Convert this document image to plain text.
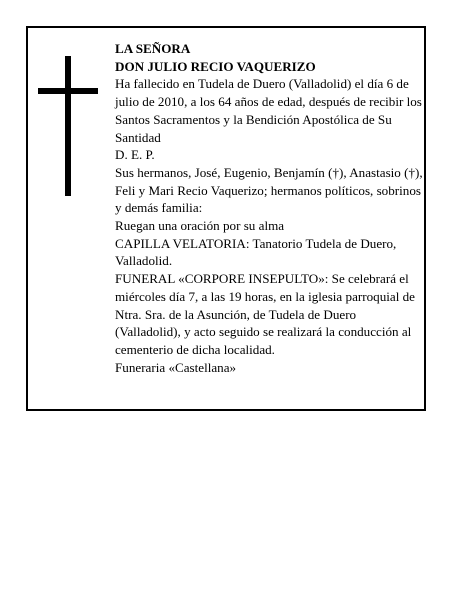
LA SEÑORA

DON JULIO RECIO VAQUERIZO

Ha fallecido en Tudela de Duero (Valladolid) el día 6 de julio de 2010, a los 64 años de edad, después de recibir los Santos Sacramentos y la Bendición Apostólica de Su Santidad

D. E. P.

Sus hermanos, José, Eugenio, Benjamín (†), Anastasio (†), Feli y Mari Recio Vaquerizo; hermanos políticos, sobrinos y demás familia:

Ruegan una oración por su alma

CAPILLA VELATORIA: Tanatorio Tudela de Duero, Valladolid.

FUNERAL «CORPORE INSEPULTO»: Se celebrará el miércoles día 7, a las 19 horas, en la iglesia parroquial de Ntra. Sra. de la Asunción, de Tudela de Duero (Valladolid), y acto seguido se realizará la conducción al cementerio de dicha localidad.

Funeraria «Castellana»
